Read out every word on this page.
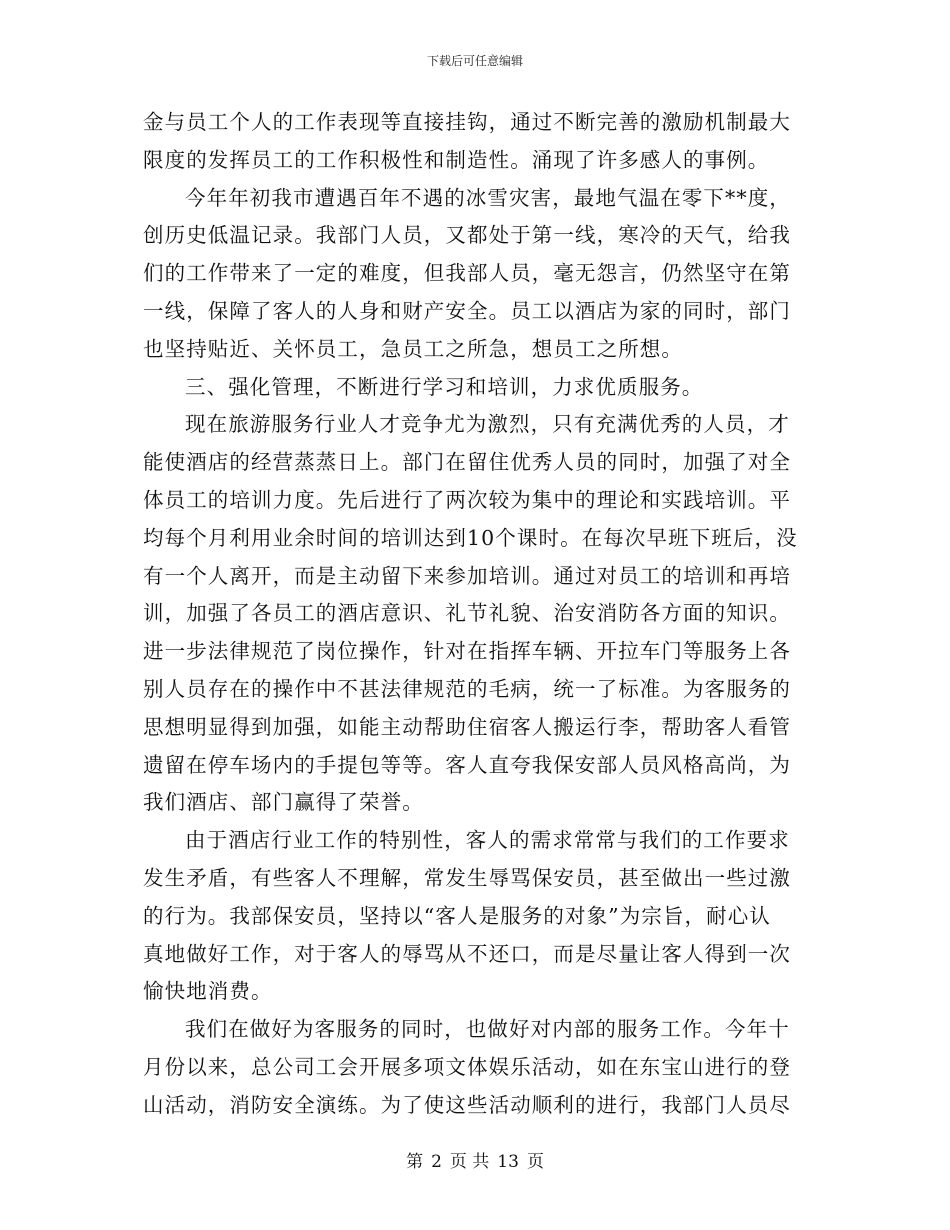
下载后可任意编辑
金与员工个人的工作表现等直接挂钩，通过不断完善的激励机制最大
限度的发挥员工的工作积极性和制造性。涌现了许多感人的事例。
今年年初我市遭遇百年不遇的冰雪灾害，最地气温在零下**度，
创历史低温记录。我部门人员，又都处于第一线，寒冷的天气，给我
们的工作带来了一定的难度，但我部人员，毫无怨言，仍然坚守在第
一线，保障了客人的人身和财产安全。员工以酒店为家的同时，部门
也坚持贴近、关怀员工，急员工之所急，想员工之所想。
三、强化管理，不断进行学习和培训，力求优质服务。
现在旅游服务行业人才竞争尤为激烈，只有充满优秀的人员，才
能使酒店的经营蒸蒸日上。部门在留住优秀人员的同时，加强了对全
体员工的培训力度。先后进行了两次较为集中的理论和实践培训。平
均每个月利用业余时间的培训达到10个课时。在每次早班下班后，没
有一个人离开，而是主动留下来参加培训。通过对员工的培训和再培
训，加强了各员工的酒店意识、礼节礼貌、治安消防各方面的知识。
进一步法律规范了岗位操作，针对在指挥车辆、开拉车门等服务上各
别人员存在的操作中不甚法律规范的毛病，统一了标准。为客服务的
思想明显得到加强，如能主动帮助住宿客人搬运行李，帮助客人看管
遗留在停车场内的手提包等等。客人直夸我保安部人员风格高尚，为
我们酒店、部门赢得了荣誉。
由于酒店行业工作的特别性，客人的需求常常与我们的工作要求
发生矛盾，有些客人不理解，常发生辱骂保安员，甚至做出一些过激
的行为。我部保安员，坚持以“客人是服务的对象”为宗旨，耐心认
真地做好工作，对于客人的辱骂从不还口，而是尽量让客人得到一次
愉快地消费。
我们在做好为客服务的同时，也做好对内部的服务工作。今年十
月份以来，总公司工会开展多项文体娱乐活动，如在东宝山进行的登
山活动，消防安全演练。为了使这些活动顺利的进行，我部门人员尽
第 2 页 共 13 页
